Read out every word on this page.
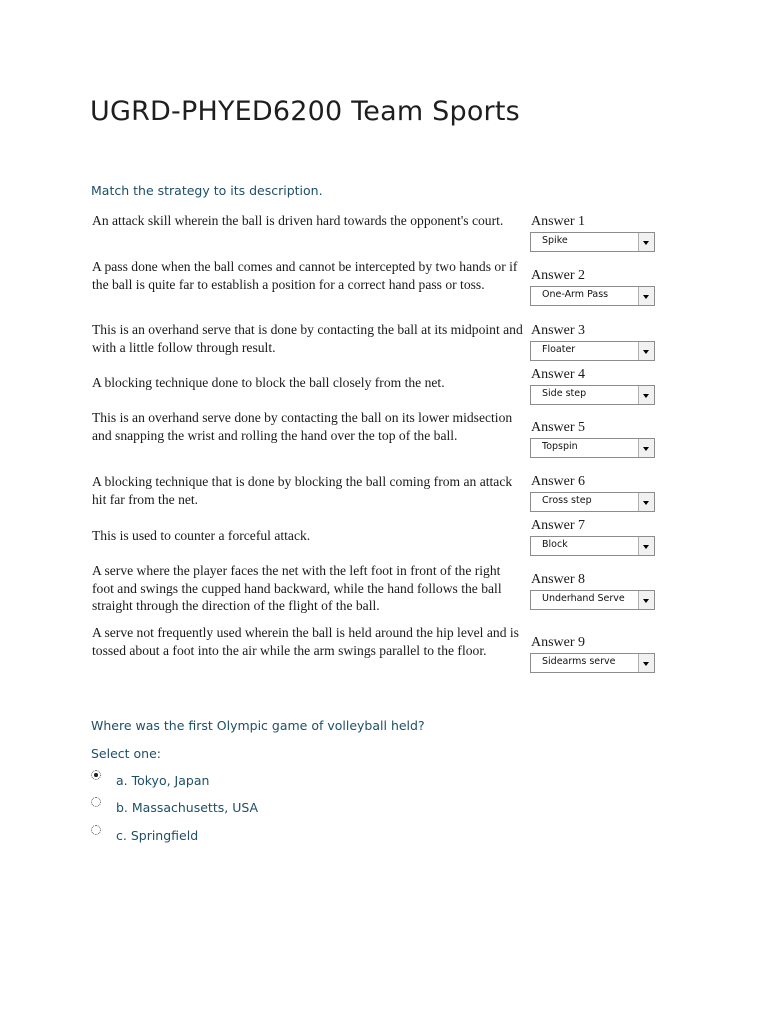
UGRD-PHYED6200 Team Sports

Match the strategy to its description.

An attack skill wherein the ball is driven hard towards the opponent's court.	Answer 1
Spike
A pass done when the ball comes and cannot be intercepted by two hands or if the ball is quite far to establish a position for a correct hand pass or toss.
Answer 2
One-Arm Pass
This is an overhand serve that is done by contacting the ball at its midpoint and with a little follow through result.
Answer 3
Floater
A blocking technique done to block the ball closely from the net.
Answer 4
Side step
This is an overhand serve done by contacting the ball on its lower midsection and snapping the wrist and rolling the hand over the top of the ball.
Answer 5
Topspin
A blocking technique that is done by blocking the ball coming from an attack hit far from the net.
Answer 6
Cross step
This is used to counter a forceful attack.
Answer 7
Block
A serve where the player faces the net with the left foot in front of the right foot and swings the cupped hand backward, while the hand follows the ball straight through the direction of the flight of the ball.
Answer 8
Underhand Serve
A serve not frequently used wherein the ball is held around the hip level and is tossed about a foot into the air while the arm swings parallel to the floor.
Answer 9
Sidearms serve

Where was the first Olympic game of volleyball held?

Select one:
a. Tokyo, Japan
b. Massachusetts, USA
c. Springfield
